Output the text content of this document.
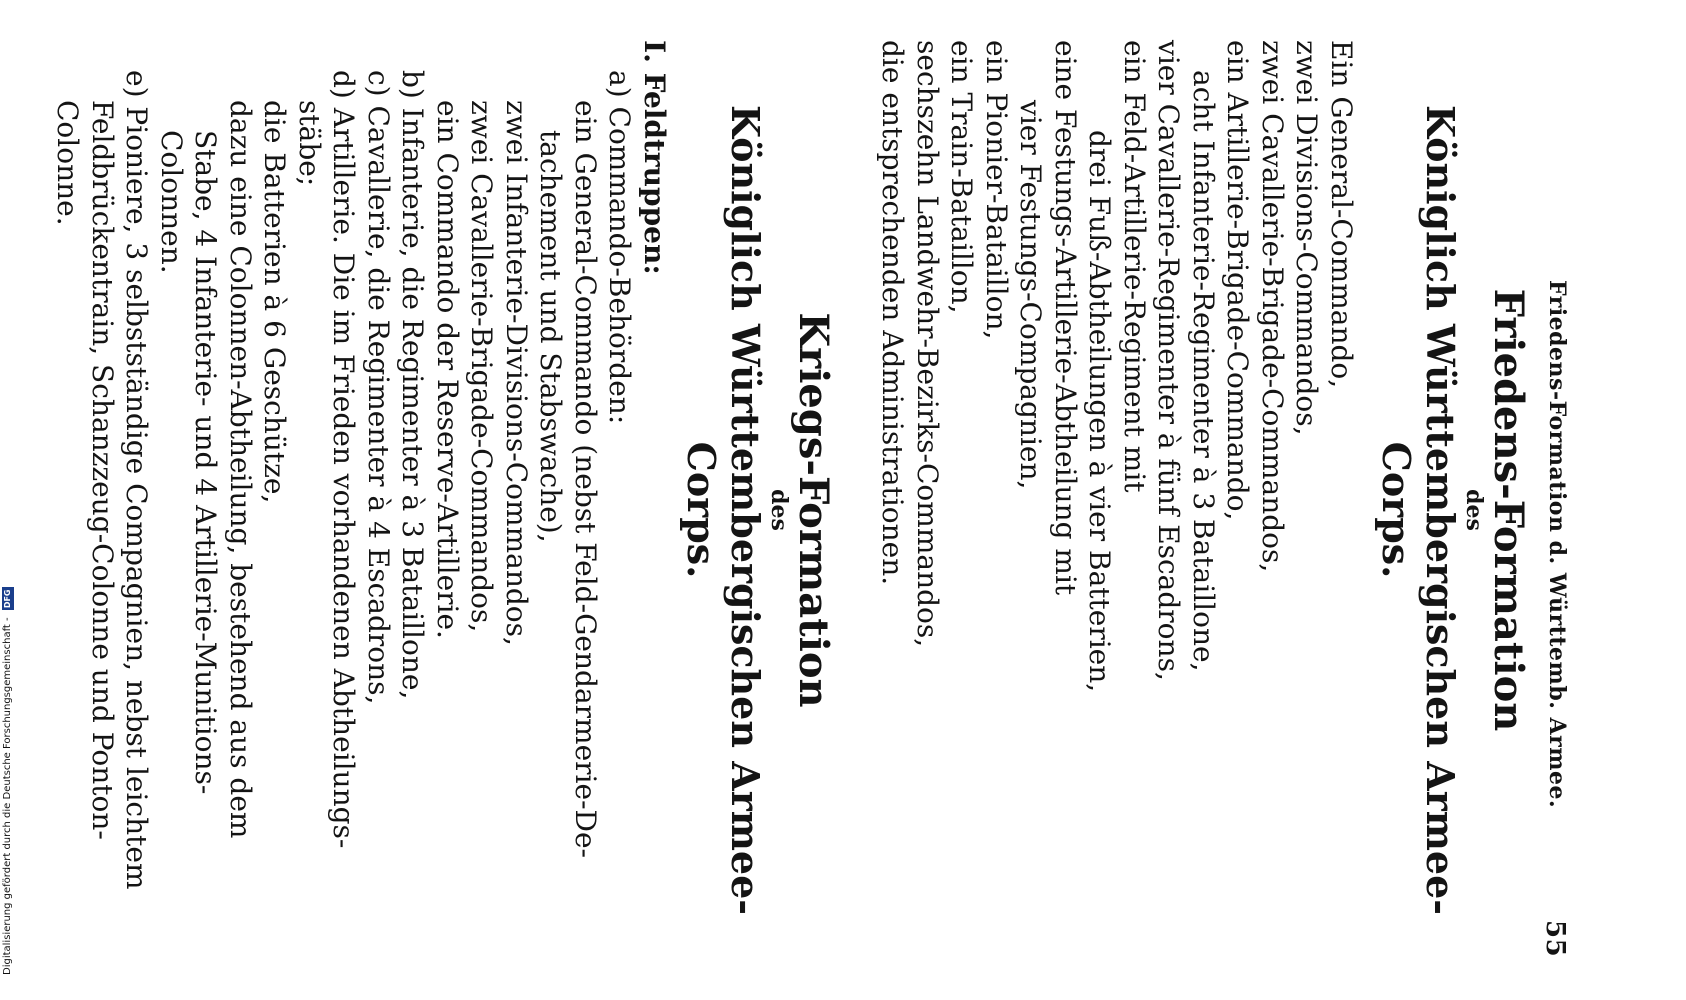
Friedens-Formation d. Württemb. Armee.
55
Friedens-Formation
des
Königlich Württembergischen Armee-Corps.
Ein General-Commando,
zwei Divisions-Commandos,
zwei Cavallerie-Brigade-Commandos,
ein Artillerie-Brigade-Commando,
acht Infanterie-Regimenter à 3 Bataillone,
vier Cavallerie-Regimenter à fünf Escadrons,
ein Feld-Artillerie-Regiment mit
drei Fuß-Abtheilungen à vier Batterien,
eine Festungs-Artillerie-Abtheilung mit
vier Festungs-Compagnien,
ein Pionier-Bataillon,
ein Train-Bataillon,
sechszehn Landwehr-Bezirks-Commandos,
die entsprechenden Administrationen.
Kriegs-Formation
des
Königlich Württembergischen Armee-Corps.
I. Feldtruppen:
a) Commando-Behörden:
ein General-Commando (nebst Feld-Gendarmerie-De-
tachement und Stabswache),
zwei Infanterie-Divisions-Commandos,
zwei Cavallerie-Brigade-Commandos,
ein Commando der Reserve-Artillerie.
b) Infanterie, die Regimenter à 3 Bataillone,
c) Cavallerie, die Regimenter à 4 Escadrons,
d) Artillerie. Die im Frieden vorhandenen Abtheilungs-
stäbe;
die Batterien à 6 Geschütze,
dazu eine Colonnen-Abtheilung, bestehend aus dem
Stabe, 4 Infanterie- und 4 Artillerie-Munitions-
Colonnen.
e) Pioniere, 3 selbstständige Compagnien, nebst leichtem
Feldbrückentrain, Schanzzeug-Colonne und Ponton-
Colonne.
Digitalisierung gefördert durch die Deutsche Forschungsgemeinschaft - DFG
